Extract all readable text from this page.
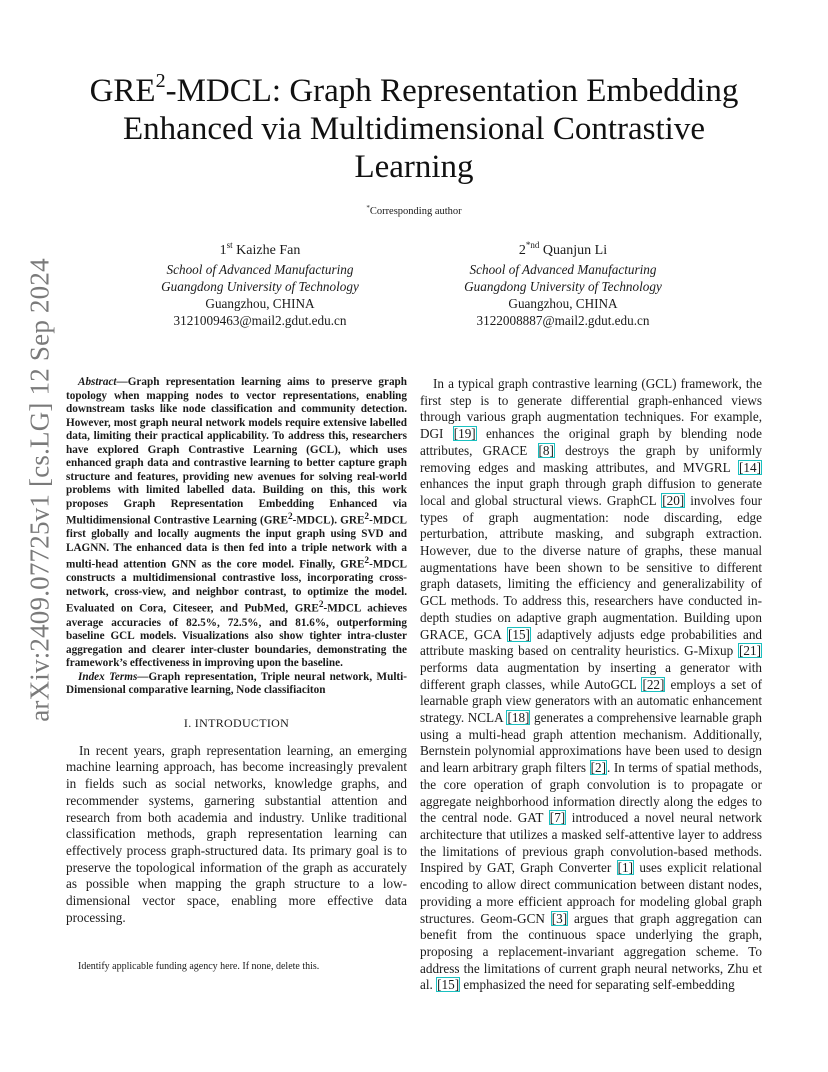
arXiv:2409.07725v1 [cs.LG] 12 Sep 2024
GRE$^2$-MDCL: Graph Representation Embedding Enhanced via Multidimensional Contrastive Learning
*Corresponding author
1st Kaizhe Fan
School of Advanced Manufacturing
Guangdong University of Technology
Guangzhou, CHINA
3121009463@mail2.gdut.edu.cn
$2^{*nd}$ Quanjun Li
School of Advanced Manufacturing
Guangdong University of Technology
Guangzhou, CHINA
3122008887@mail2.gdut.edu.cn

Abstract—Graph representation learning aims to preserve graph topology when mapping nodes to vector representations, enabling downstream tasks like node classification and community detection. However, most graph neural network models require extensive labelled data, limiting their practical applicability. To address this, researchers have explored Graph Contrastive Learning (GCL), which uses enhanced graph data and contrastive learning to better capture graph structure and features, providing new avenues for solving real-world problems with limited labelled data. Building on this, this work proposes Graph Representation Embedding Enhanced via Multidimensional Contrastive Learning (GRE$^2$-MDCL). GRE$^2$-MDCL first globally and locally augments the input graph using SVD and LAGNN. The enhanced data is then fed into a triple network with a multi-head attention GNN as the core model. Finally, GRE$^2$-MDCL constructs a multidimensional contrastive loss, incorporating cross-network, cross-view, and neighbor contrast, to optimize the model. Evaluated on Cora, Citeseer, and PubMed, GRE$^2$-MDCL achieves average accuracies of 82.5%, 72.5%, and 81.6%, outperforming baseline GCL models. Visualizations also show tighter intra-cluster aggregation and clearer inter-cluster boundaries, demonstrating the framework’s effectiveness in improving upon the baseline.

Index Terms—Graph representation, Triple neural network, Multi-Dimensional comparative learning, Node classifiaciton

I. INTRODUCTION

In recent years, graph representation learning, an emerging machine learning approach, has become increasingly prevalent in fields such as social networks, knowledge graphs, and recommender systems, garnering substantial attention and research from both academia and industry. Unlike traditional classification methods, graph representation learning can effectively process graph-structured data. Its primary goal is to preserve the topological information of the graph as accurately as possible when mapping the graph structure to a low-dimensional vector space, enabling more effective data processing.

Identify applicable funding agency here. If none, delete this.

In a typical graph contrastive learning (GCL) framework, the first step is to generate differential graph-enhanced views through various graph augmentation techniques. For example, DGI [19] enhances the original graph by blending node attributes, GRACE [8] destroys the graph by uniformly removing edges and masking attributes, and MVGRL [14] enhances the input graph through graph diffusion to generate local and global structural views. GraphCL [20] involves four types of graph augmentation: node discarding, edge perturbation, attribute masking, and subgraph extraction. However, due to the diverse nature of graphs, these manual augmentations have been shown to be sensitive to different graph datasets, limiting the efficiency and generalizability of GCL methods. To address this, researchers have conducted in-depth studies on adaptive graph augmentation. Building upon GRACE, GCA [15] adaptively adjusts edge probabilities and attribute masking based on centrality heuristics. G-Mixup [21] performs data augmentation by inserting a generator with different graph classes, while AutoGCL [22] employs a set of learnable graph view generators with an automatic enhancement strategy. NCLA [18] generates a comprehensive learnable graph using a multi-head graph attention mechanism. Additionally, Bernstein polynomial approximations have been used to design and learn arbitrary graph filters [2]. In terms of spatial methods, the core operation of graph convolution is to propagate or aggregate neighborhood information directly along the edges to the central node. GAT [7] introduced a novel neural network architecture that utilizes a masked self-attentive layer to address the limitations of previous graph convolution-based methods. Inspired by GAT, Graph Converter [1] uses explicit relational encoding to allow direct communication between distant nodes, providing a more efficient approach for modeling global graph structures. Geom-GCN [3] argues that graph aggregation can benefit from the continuous space underlying the graph, proposing a replacement-invariant aggregation scheme. To address the limitations of current graph neural networks, Zhu et al. [15] emphasized the need for separating self-embedding
